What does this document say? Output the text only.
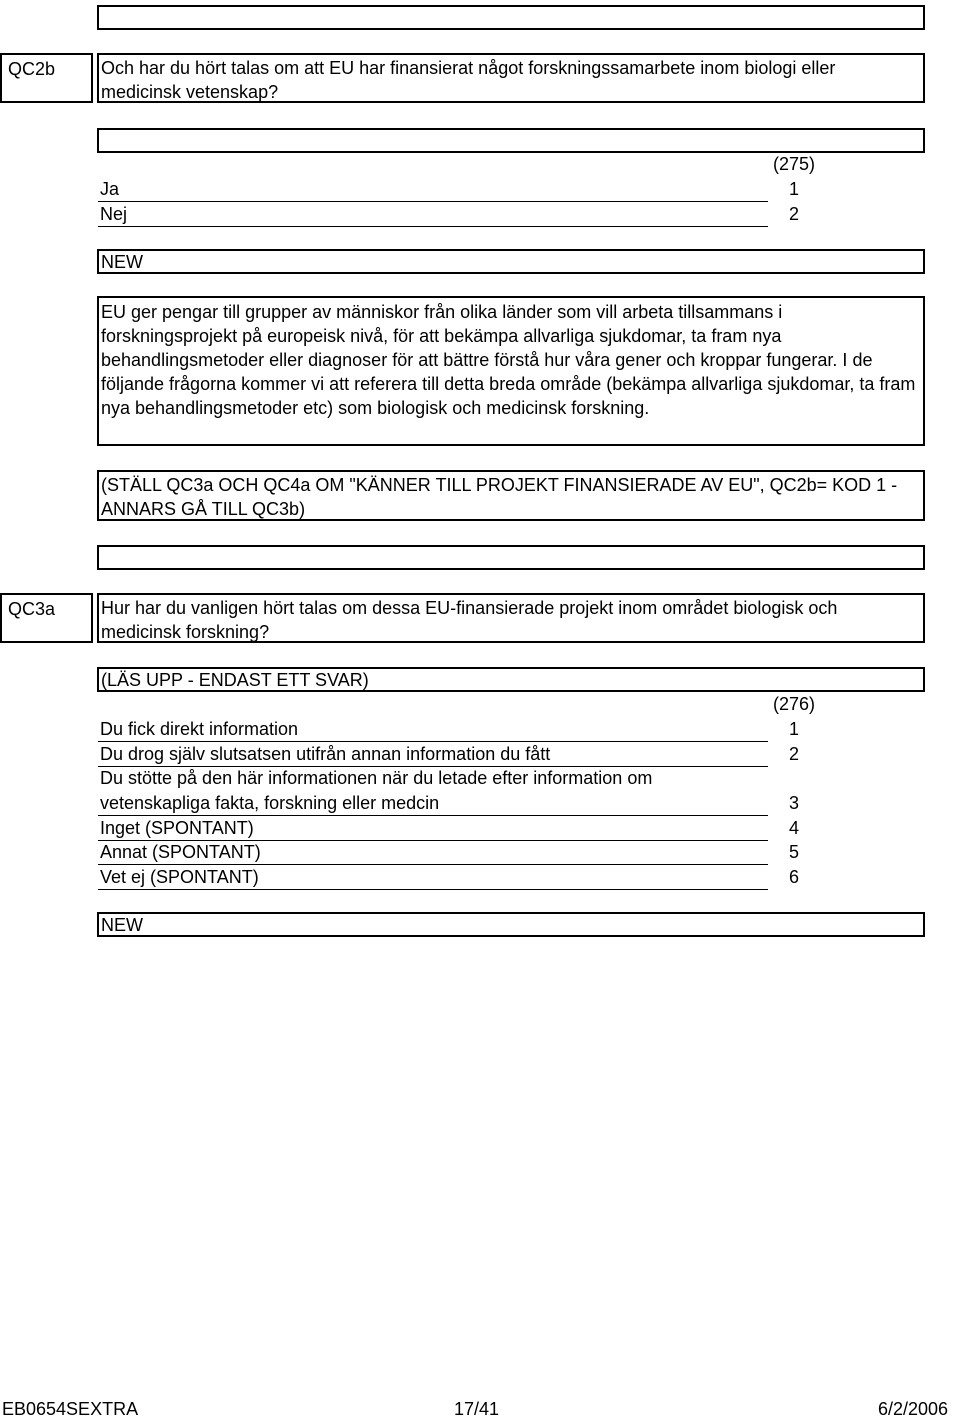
QC2b	Och har du hört talas om att EU har finansierat något forskningssamarbete inom biologi eller medicinsk vetenskap?
(275)
Ja	1
Nej	2
NEW
EU ger pengar till grupper av människor från olika länder som vill arbeta tillsammans i forskningsprojekt på europeisk nivå, för att bekämpa allvarliga sjukdomar, ta fram nya behandlingsmetoder eller diagnoser för att bättre förstå hur våra gener och kroppar fungerar. I de följande frågorna kommer vi att referera till detta breda område (bekämpa allvarliga sjukdomar, ta fram nya behandlingsmetoder etc) som biologisk och medicinsk forskning.
(STÄLL QC3a OCH QC4a OM "KÄNNER TILL PROJEKT FINANSIERADE AV EU", QC2b= KOD 1 - ANNARS GÅ TILL QC3b)
QC3a	Hur har du vanligen hört talas om dessa EU-finansierade projekt inom området biologisk och medicinsk forskning?
(LÄS UPP - ENDAST ETT SVAR)
(276)
Du fick direkt information	1
Du drog själv slutsatsen utifrån annan information du fått	2
Du stötte på den här informationen när du letade efter information om
vetenskapliga fakta, forskning eller medcin	3
Inget (SPONTANT)	4
Annat (SPONTANT)	5
Vet ej (SPONTANT)	6
NEW
EB0654SEXTRA	17/41	6/2/2006
